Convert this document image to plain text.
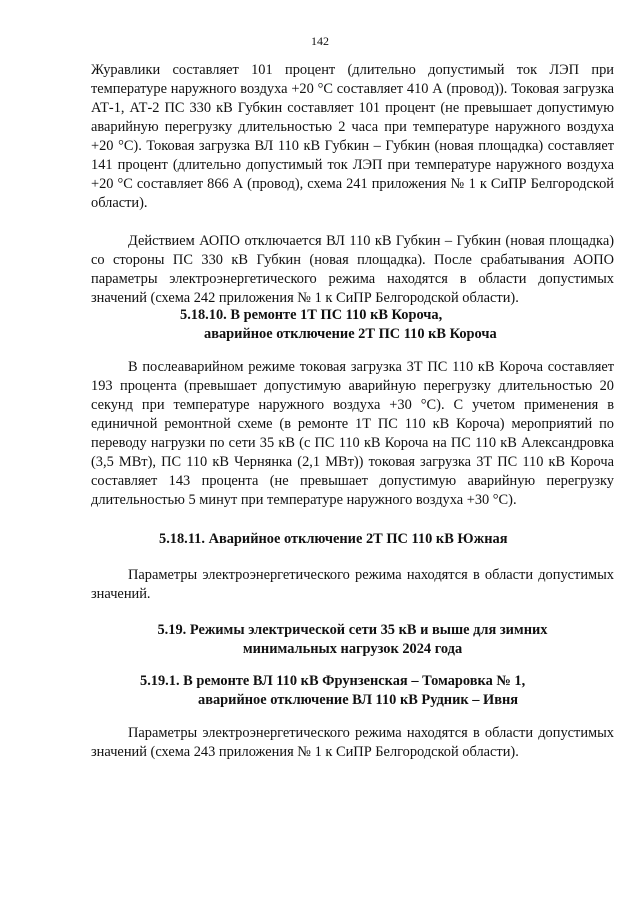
142

Журавлики составляет 101 процент (длительно допустимый ток ЛЭП при температуре наружного воздуха +20 °С составляет 410 А (провод)). Токовая загрузка АТ-1, АТ-2 ПС 330 кВ Губкин составляет 101 процент (не превышает допустимую аварийную перегрузку длительностью 2 часа при температуре наружного воздуха +20 °С). Токовая загрузка ВЛ 110 кВ Губкин – Губкин (новая площадка) составляет 141 процент (длительно допустимый ток ЛЭП при температуре наружного воздуха +20 °С составляет 866 А (провод), схема 241 приложения № 1 к СиПР Белгородской области).

Действием АОПО отключается ВЛ 110 кВ Губкин – Губкин (новая площадка) со стороны ПС 330 кВ Губкин (новая площадка). После срабатывания АОПО параметры электроэнергетического режима находятся в области допустимых значений (схема 242 приложения № 1 к СиПР Белгородской области).

5.18.10. В ремонте 1Т ПС 110 кВ Короча,
аварийное отключение 2Т ПС 110 кВ Короча

В послеаварийном режиме токовая загрузка 3Т ПС 110 кВ Короча составляет 193 процента (превышает допустимую аварийную перегрузку длительностью 20 секунд при температуре наружного воздуха +30 °С). С учетом применения в единичной ремонтной схеме (в ремонте 1Т ПС 110 кВ Короча) мероприятий по переводу нагрузки по сети 35 кВ (с ПС 110 кВ Короча на ПС 110 кВ Александровка (3,5 МВт), ПС 110 кВ Чернянка (2,1 МВт)) токовая загрузка 3Т ПС 110 кВ Короча составляет 143 процента (не превышает допустимую аварийную перегрузку длительностью 5 минут при температуре наружного воздуха +30 °С).

5.18.11. Аварийное отключение 2Т ПС 110 кВ Южная

Параметры электроэнергетического режима находятся в области допустимых значений.

5.19. Режимы электрической сети 35 кВ и выше для зимних
минимальных нагрузок 2024 года
5.19.1. В ремонте ВЛ 110 кВ Фрунзенская – Томаровка № 1,
аварийное отключение ВЛ 110 кВ Рудник – Ивня

Параметры электроэнергетического режима находятся в области допустимых значений (схема 243 приложения № 1 к СиПР Белгородской области).
